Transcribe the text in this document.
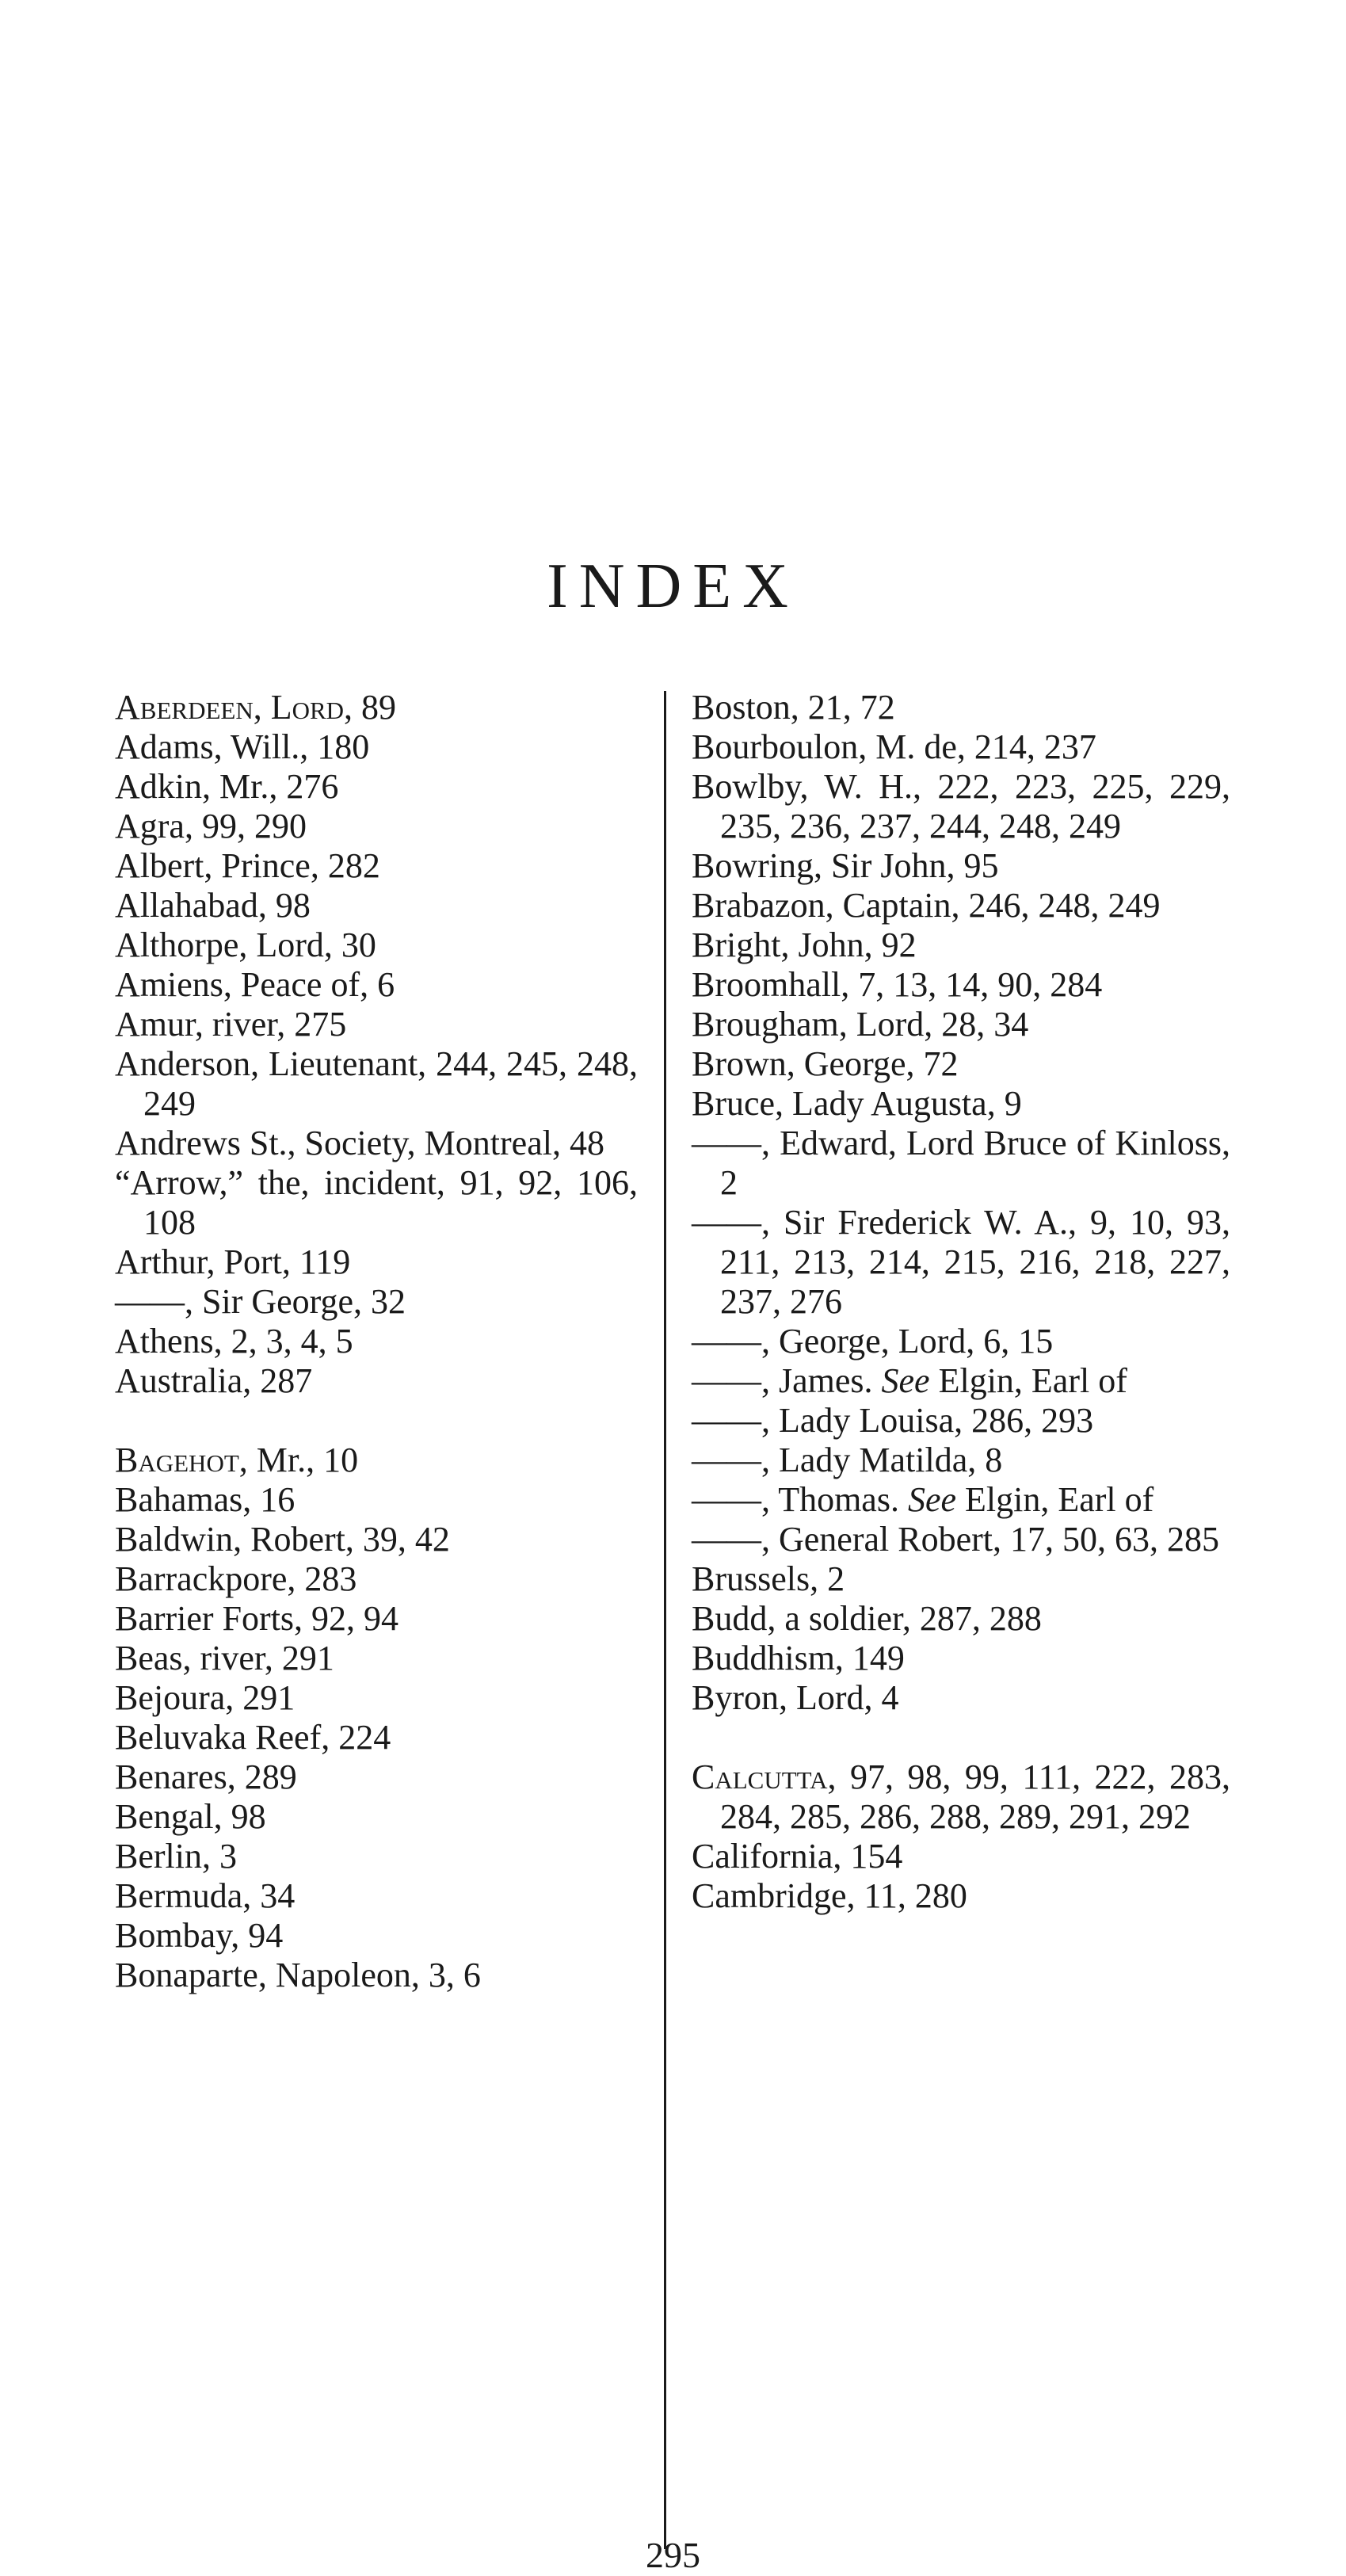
INDEX
Aberdeen, Lord, 89
Adams, Will., 180
Adkin, Mr., 276
Agra, 99, 290
Albert, Prince, 282
Allahabad, 98
Althorpe, Lord, 30
Amiens, Peace of, 6
Amur, river, 275
Anderson, Lieutenant, 244, 245, 248, 249
Andrews St., Society, Montreal, 48
“Arrow,” the, incident, 91, 92, 106, 108
Arthur, Port, 119
——, Sir George, 32
Athens, 2, 3, 4, 5
Australia, 287
Bagehot, Mr., 10
Bahamas, 16
Baldwin, Robert, 39, 42
Barrackpore, 283
Barrier Forts, 92, 94
Beas, river, 291
Bejoura, 291
Beluvaka Reef, 224
Benares, 289
Bengal, 98
Berlin, 3
Bermuda, 34
Bombay, 94
Bonaparte, Napoleon, 3, 6
Boston, 21, 72
Bourboulon, M. de, 214, 237
Bowlby, W. H., 222, 223, 225, 229, 235, 236, 237, 244, 248, 249
Bowring, Sir John, 95
Brabazon, Captain, 246, 248, 249
Bright, John, 92
Broomhall, 7, 13, 14, 90, 284
Brougham, Lord, 28, 34
Brown, George, 72
Bruce, Lady Augusta, 9
——, Edward, Lord Bruce of Kinloss, 2
——, Sir Frederick W. A., 9, 10, 93, 211, 213, 214, 215, 216, 218, 227, 237, 276
——, George, Lord, 6, 15
——, James. See Elgin, Earl of
——, Lady Louisa, 286, 293
——, Lady Matilda, 8
——, Thomas. See Elgin, Earl of
——, General Robert, 17, 50, 63, 285
Brussels, 2
Budd, a soldier, 287, 288
Buddhism, 149
Byron, Lord, 4
Calcutta, 97, 98, 99, 111, 222, 283, 284, 285, 286, 288, 289, 291, 292
California, 154
Cambridge, 11, 280
295
